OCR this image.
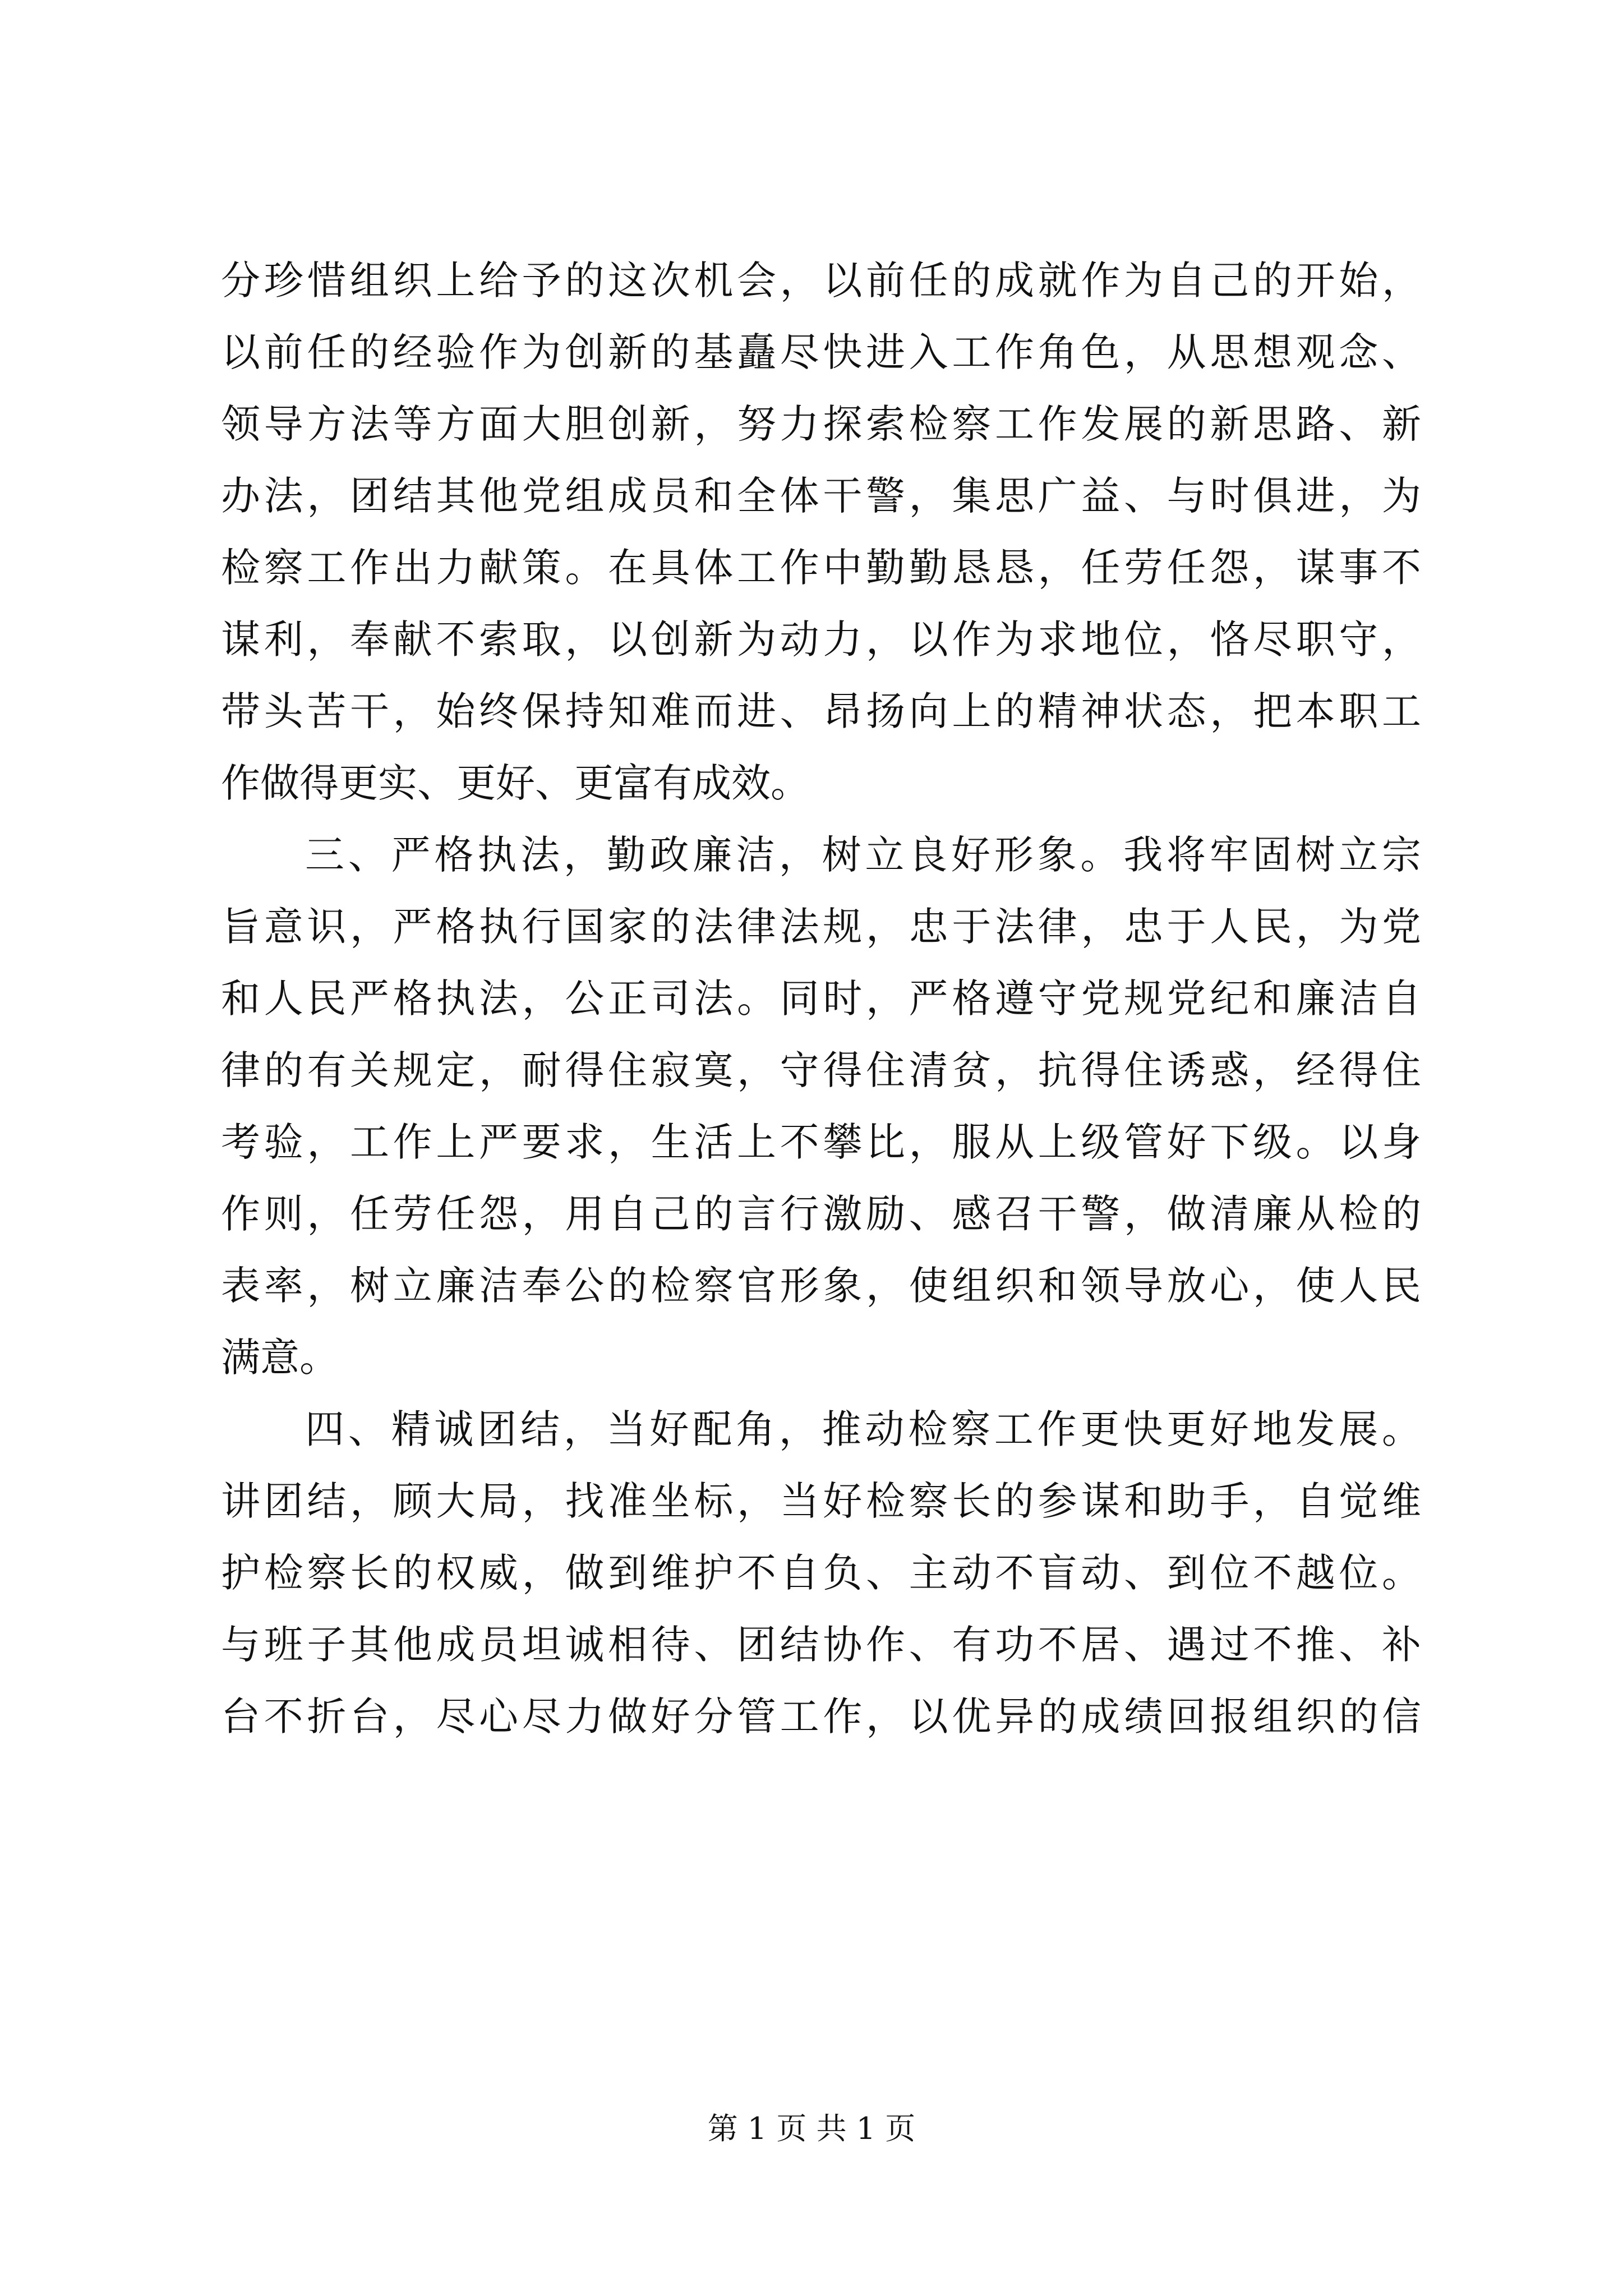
分珍惜组织上给予的这次机会，以前任的成就作为自己的开始，
以前任的经验作为创新的基矗尽快进入工作角色，从思想观念、
领导方法等方面大胆创新，努力探索检察工作发展的新思路、新
办法，团结其他党组成员和全体干警，集思广益、与时俱进，为
检察工作出力献策。在具体工作中勤勤恳恳，任劳任怨，谋事不
谋利，奉献不索取，以创新为动力，以作为求地位，恪尽职守，
带头苦干，始终保持知难而进、昂扬向上的精神状态，把本职工
作做得更实、更好、更富有成效。
三、严格执法，勤政廉洁，树立良好形象。我将牢固树立宗
旨意识，严格执行国家的法律法规，忠于法律，忠于人民，为党
和人民严格执法，公正司法。同时，严格遵守党规党纪和廉洁自
律的有关规定，耐得住寂寞，守得住清贫，抗得住诱惑，经得住
考验，工作上严要求，生活上不攀比，服从上级管好下级。以身
作则，任劳任怨，用自己的言行激励、感召干警，做清廉从检的
表率，树立廉洁奉公的检察官形象，使组织和领导放心，使人民
满意。
四、精诚团结，当好配角，推动检察工作更快更好地发展。
讲团结，顾大局，找准坐标，当好检察长的参谋和助手，自觉维
护检察长的权威，做到维护不自负、主动不盲动、到位不越位。
与班子其他成员坦诚相待、团结协作、有功不居、遇过不推、补
台不折台，尽心尽力做好分管工作，以优异的成绩回报组织的信
第 1 页 共 1 页
